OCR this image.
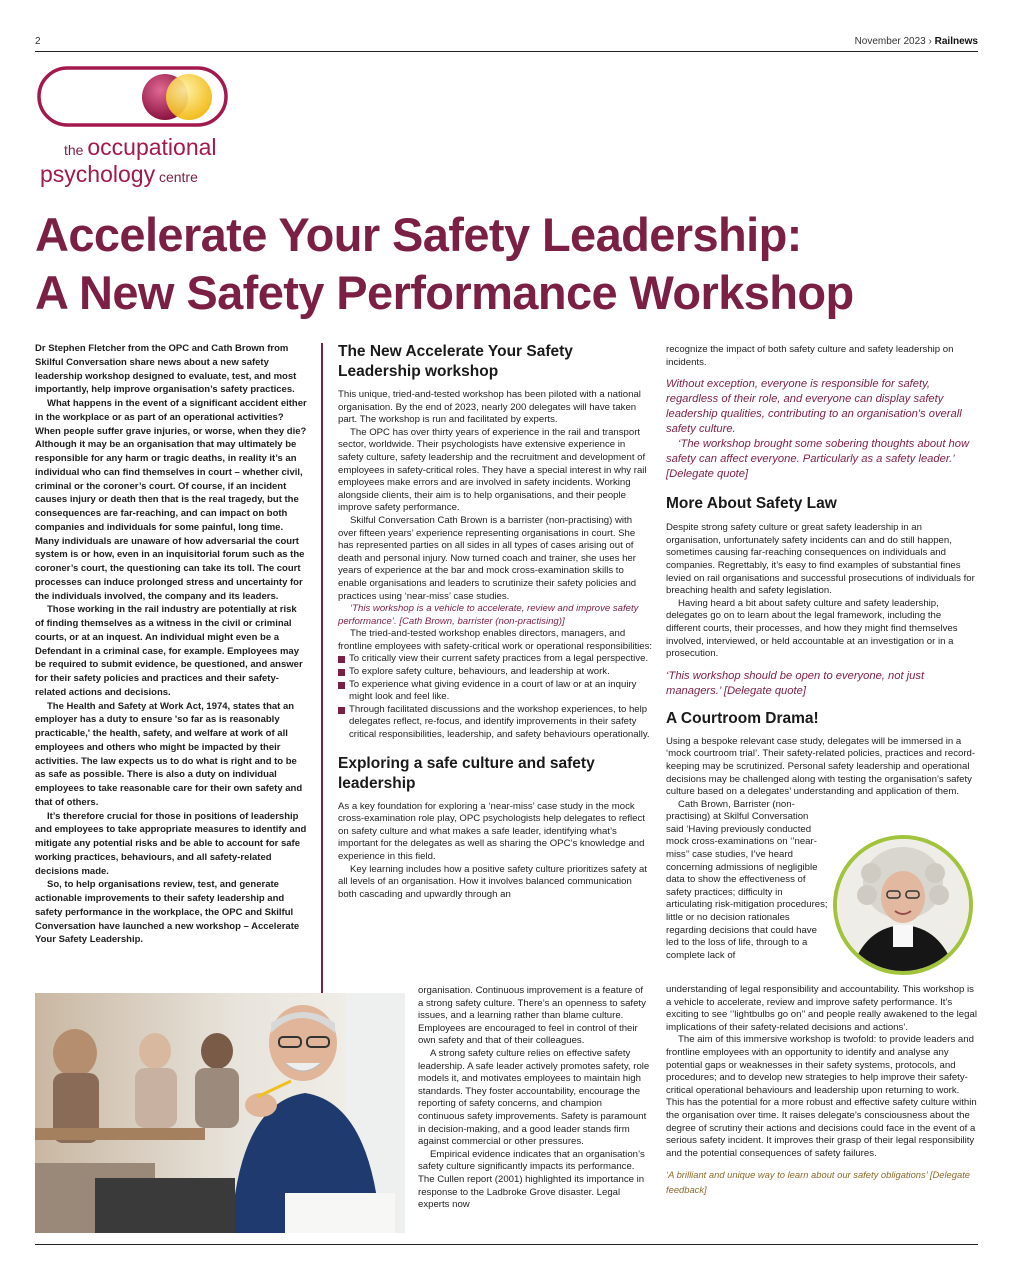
2	November 2023 › Railnews
the occupational
psychology centre
Accelerate Your Safety Leadership:
A New Safety Performance Workshop

Dr Stephen Fletcher from the OPC and Cath Brown from Skilful Conversation share news about a new safety leadership workshop designed to evaluate, test, and most importantly, help improve organisation’s safety practices.

What happens in the event of a significant accident either in the workplace or as part of an operational activities? When people suffer grave injuries, or worse, when they die? Although it may be an organisation that may ultimately be responsible for any harm or tragic deaths, in reality it’s an individual who can find themselves in court – whether civil, criminal or the coroner’s court. Of course, if an incident causes injury or death then that is the real tragedy, but the consequences are far-reaching, and can impact on both companies and individuals for some painful, long time. Many individuals are unaware of how adversarial the court system is or how, even in an inquisitorial forum such as the coroner’s court, the questioning can take its toll. The court processes can induce prolonged stress and uncertainty for the individuals involved, the company and its leaders.

Those working in the rail industry are potentially at risk of finding themselves as a witness in the civil or criminal courts, or at an inquest. An individual might even be a Defendant in a criminal case, for example. Employees may be required to submit evidence, be questioned, and answer for their safety policies and practices and their safety-related actions and decisions.

The Health and Safety at Work Act, 1974, states that an employer has a duty to ensure 'so far as is reasonably practicable,' the health, safety, and welfare at work of all employees and others who might be impacted by their activities. The law expects us to do what is right and to be as safe as possible. There is also a duty on individual employees to take reasonable care for their own safety and that of others.

It’s therefore crucial for those in positions of leadership and employees to take appropriate measures to identify and mitigate any potential risks and be able to account for safe working practices, behaviours, and all safety-related decisions made.

So, to help organisations review, test, and generate actionable improvements to their safety leadership and safety performance in the workplace, the OPC and Skilful Conversation have launched a new workshop – Accelerate Your Safety Leadership.

The New Accelerate Your Safety Leadership workshop

This unique, tried-and-tested workshop has been piloted with a national organisation. By the end of 2023, nearly 200 delegates will have taken part. The workshop is run and facilitated by experts.

The OPC has over thirty years of experience in the rail and transport sector, worldwide. Their psychologists have extensive experience in safety culture, safety leadership and the recruitment and development of employees in safety-critical roles. They have a special interest in why rail employees make errors and are involved in safety incidents. Working alongside clients, their aim is to help organisations, and their people improve safety performance.

Skilful Conversation Cath Brown is a barrister (non-practising) with over fifteen years’ experience representing organisations in court. She has represented parties on all sides in all types of cases arising out of death and personal injury. Now turned coach and trainer, she uses her years of experience at the bar and mock cross-examination skills to enable organisations and leaders to scrutinize their safety policies and practices using ‘near-miss’ case studies.

‘This workshop is a vehicle to accelerate, review and improve safety performance’. [Cath Brown, barrister (non-practising)]

The tried-and-tested workshop enables directors, managers, and frontline employees with safety-critical work or operational responsibilities:

To critically view their current safety practices from a legal perspective.
To explore safety culture, behaviours, and leadership at work.
To experience what giving evidence in a court of law or at an inquiry might look and feel like.
Through facilitated discussions and the workshop experiences, to help delegates reflect, re-focus, and identify improvements in their safety critical responsibilities, leadership, and safety behaviours operationally.

Exploring a safe culture and safety leadership

As a key foundation for exploring a ‘near-miss’ case study in the mock cross-examination role play, OPC psychologists help delegates to reflect on safety culture and what makes a safe leader, identifying what’s important for the delegates as well as sharing the OPC’s knowledge and experience in this field.

Key learning includes how a positive safety culture prioritizes safety at all levels of an organisation. How it involves balanced communication both cascading and upwardly through an

organisation. Continuous improvement is a feature of a strong safety culture. There’s an openness to safety issues, and a learning rather than blame culture. Employees are encouraged to feel in control of their own safety and that of their colleagues.

A strong safety culture relies on effective safety leadership. A safe leader actively promotes safety, role models it, and motivates employees to maintain high standards. They foster accountability, encourage the reporting of safety concerns, and champion continuous safety improvements. Safety is paramount in decision-making, and a good leader stands firm against commercial or other pressures.

Empirical evidence indicates that an organisation’s safety culture significantly impacts its performance. The Cullen report (2001) highlighted its importance in response to the Ladbroke Grove disaster. Legal experts now

recognize the impact of both safety culture and safety leadership on incidents.

Without exception, everyone is responsible for safety, regardless of their role, and everyone can display safety leadership qualities, contributing to an organisation's overall safety culture.

‘The workshop brought some sobering thoughts about how safety can affect everyone. Particularly as a safety leader.’ [Delegate quote]

More About Safety Law

Despite strong safety culture or great safety leadership in an organisation, unfortunately safety incidents can and do still happen, sometimes causing far-reaching consequences on individuals and companies. Regrettably, it’s easy to find examples of substantial fines levied on rail organisations and successful prosecutions of individuals for breaching health and safety legislation.

Having heard a bit about safety culture and safety leadership, delegates go on to learn about the legal framework, including the different courts, their processes, and how they might find themselves involved, interviewed, or held accountable at an investigation or in a prosecution.

‘This workshop should be open to everyone, not just managers.’ [Delegate quote]

A Courtroom Drama!

Using a bespoke relevant case study, delegates will be immersed in a ‘mock courtroom trial’. Their safety-related policies, practices and record-keeping may be scrutinized. Personal safety leadership and operational decisions may be challenged along with testing the organisation’s safety culture based on a delegates’ understanding and application of them.

Cath Brown, Barrister (non-practising) at Skilful Conversation said ‘Having previously conducted mock cross-examinations on ‘’near-miss’’ case studies, I’ve heard concerning admissions of negligible data to show the effectiveness of safety practices; difficulty in articulating risk-mitigation procedures; little or no decision rationales regarding decisions that could have led to the loss of life, through to a complete lack of

understanding of legal responsibility and accountability. This workshop is a vehicle to accelerate, review and improve safety performance. It’s exciting to see ‘’lightbulbs go on’’ and people really awakened to the legal implications of their safety-related decisions and actions’.

The aim of this immersive workshop is twofold: to provide leaders and frontline employees with an opportunity to identify and analyse any potential gaps or weaknesses in their safety systems, protocols, and procedures; and to develop new strategies to help improve their safety-critical operational behaviours and leadership upon returning to work. This has the potential for a more robust and effective safety culture within the organisation over time. It raises delegate’s consciousness about the degree of scrutiny their actions and decisions could face in the event of a serious safety incident. It improves their grasp of their legal responsibility and the potential consequences of safety failures.

‘A brilliant and unique way to learn about our safety obligations’ [Delegate feedback]
